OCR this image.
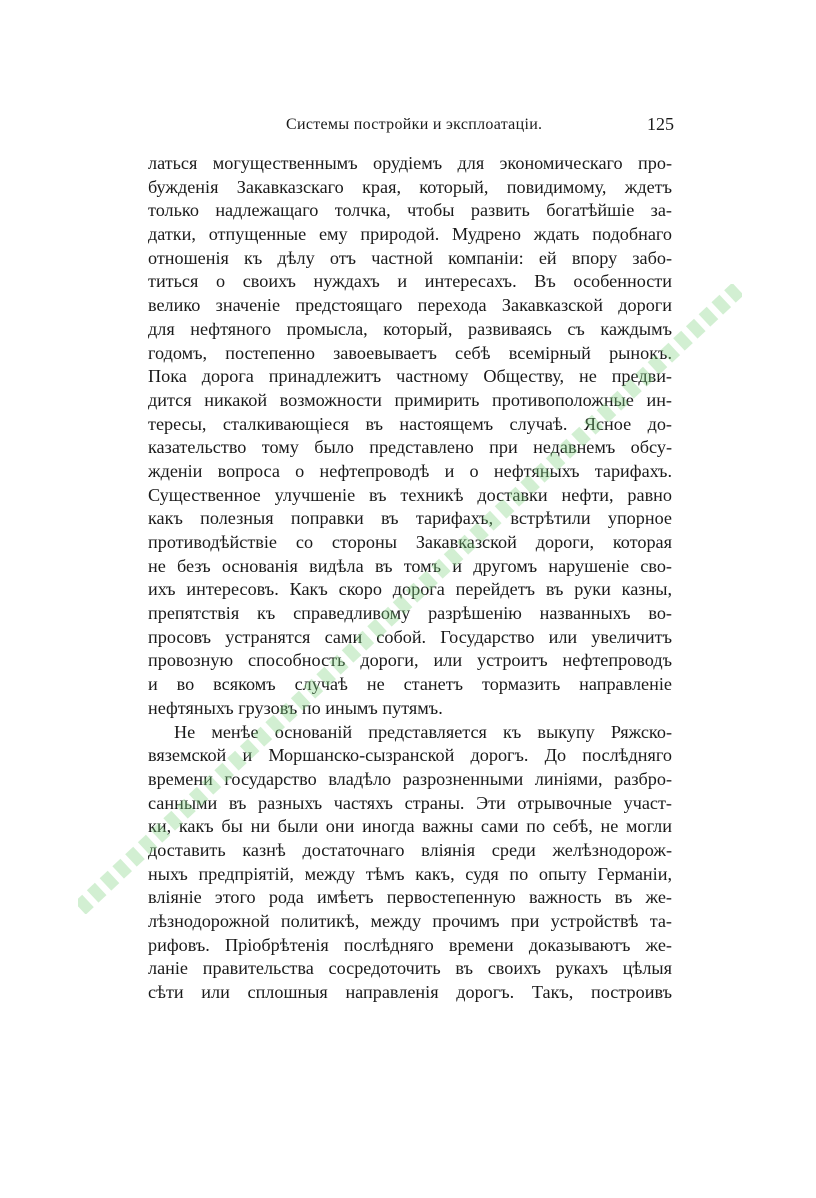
Системы постройки и эксплоатаціи.	125
латься могущественнымъ орудіемъ для экономическаго про-
бужденія Закавказскаго края, который, повидимому, ждетъ
только надлежащаго толчка, чтобы развить богатѣйшіе за-
датки, отпущенные ему природой. Мудрено ждать подобнаго
отношенія къ дѣлу отъ частной компаніи: ей впору забо-
титься о своихъ нуждахъ и интересахъ. Въ особенности
велико значеніе предстоящаго перехода Закавказской дороги
для нефтяного промысла, который, развиваясь съ каждымъ
годомъ, постепенно завоевываетъ себѣ всемірный рынокъ.
Пока дорога принадлежитъ частному Обществу, не предви-
дится никакой возможности примирить противоположные ин-
тересы, сталкивающіеся въ настоящемъ случаѣ. Ясное до-
казательство тому было представлено при недавнемъ обсу-
жденіи вопроса о нефтепроводѣ и о нефтяныхъ тарифахъ.
Существенное улучшеніе въ техникѣ доставки нефти, равно
какъ полезныя поправки въ тарифахъ, встрѣтили упорное
противодѣйствіе со стороны Закавказской дороги, которая
не безъ основанія видѣла въ томъ и другомъ нарушеніе сво-
ихъ интересовъ. Какъ скоро дорога перейдетъ въ руки казны,
препятствія къ справедливому разрѣшенію названныхъ во-
просовъ устранятся сами собой. Государство или увеличитъ
провозную способность дороги, или устроитъ нефтепроводъ
и во всякомъ случаѣ не станетъ тормазить направленіе
нефтяныхъ грузовъ по инымъ путямъ.
Не менѣе основаній представляется къ выкупу Ряжско-
вяземской и Моршанско-сызранской дорогъ. До послѣдняго
времени государство владѣло разрозненными линіями, разбро-
санными въ разныхъ частяхъ страны. Эти отрывочные участ-
ки, какъ бы ни были они иногда важны сами по себѣ, не могли
доставить казнѣ достаточнаго вліянія среди желѣзнодорож-
ныхъ предпріятій, между тѣмъ какъ, судя по опыту Германіи,
вліяніе этого рода имѣетъ первостепенную важность въ же-
лѣзнодорожной политикѣ, между прочимъ при устройствѣ та-
рифовъ. Пріобрѣтенія послѣдняго времени доказываютъ же-
ланіе правительства сосредоточить въ своихъ рукахъ цѣлыя
сѣти или сплошныя направленія дорогъ. Такъ, построивъ
